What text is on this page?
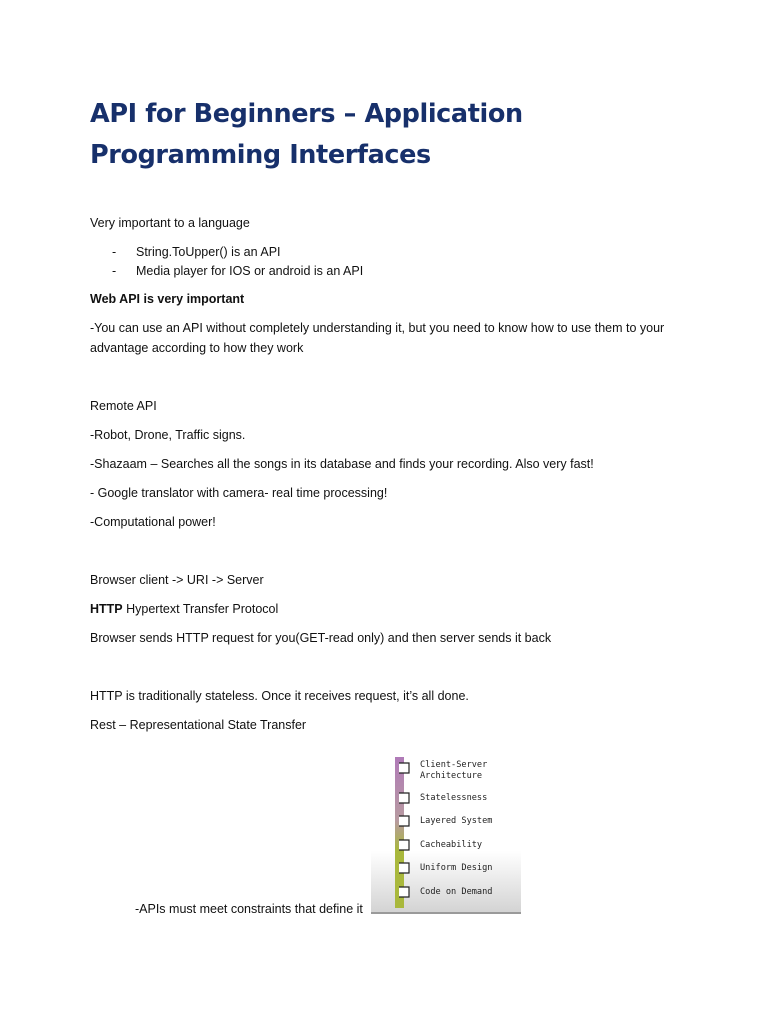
API for Beginners – Application Programming Interfaces

Very important to a language

- String.ToUpper() is an API
- Media player for IOS or android is an API

Web API is very important

-You can use an API without completely understanding it, but you need to know how to use them to your advantage according to how they work

Remote API

-Robot, Drone, Traffic signs.

-Shazaam – Searches all the songs in its database and finds your recording. Also very fast!

- Google translator with camera- real time processing!

-Computational power!

Browser client -> URI -> Server

HTTP Hypertext Transfer Protocol

Browser sends HTTP request for you(GET-read only) and then server sends it back

HTTP is traditionally stateless. Once it receives request, it’s all done.

Rest – Representational State Transfer

-APIs must meet constraints that define it

Client-Server
Architecture
Statelessness
Layered System
Cacheability
Uniform Design
Code on Demand
